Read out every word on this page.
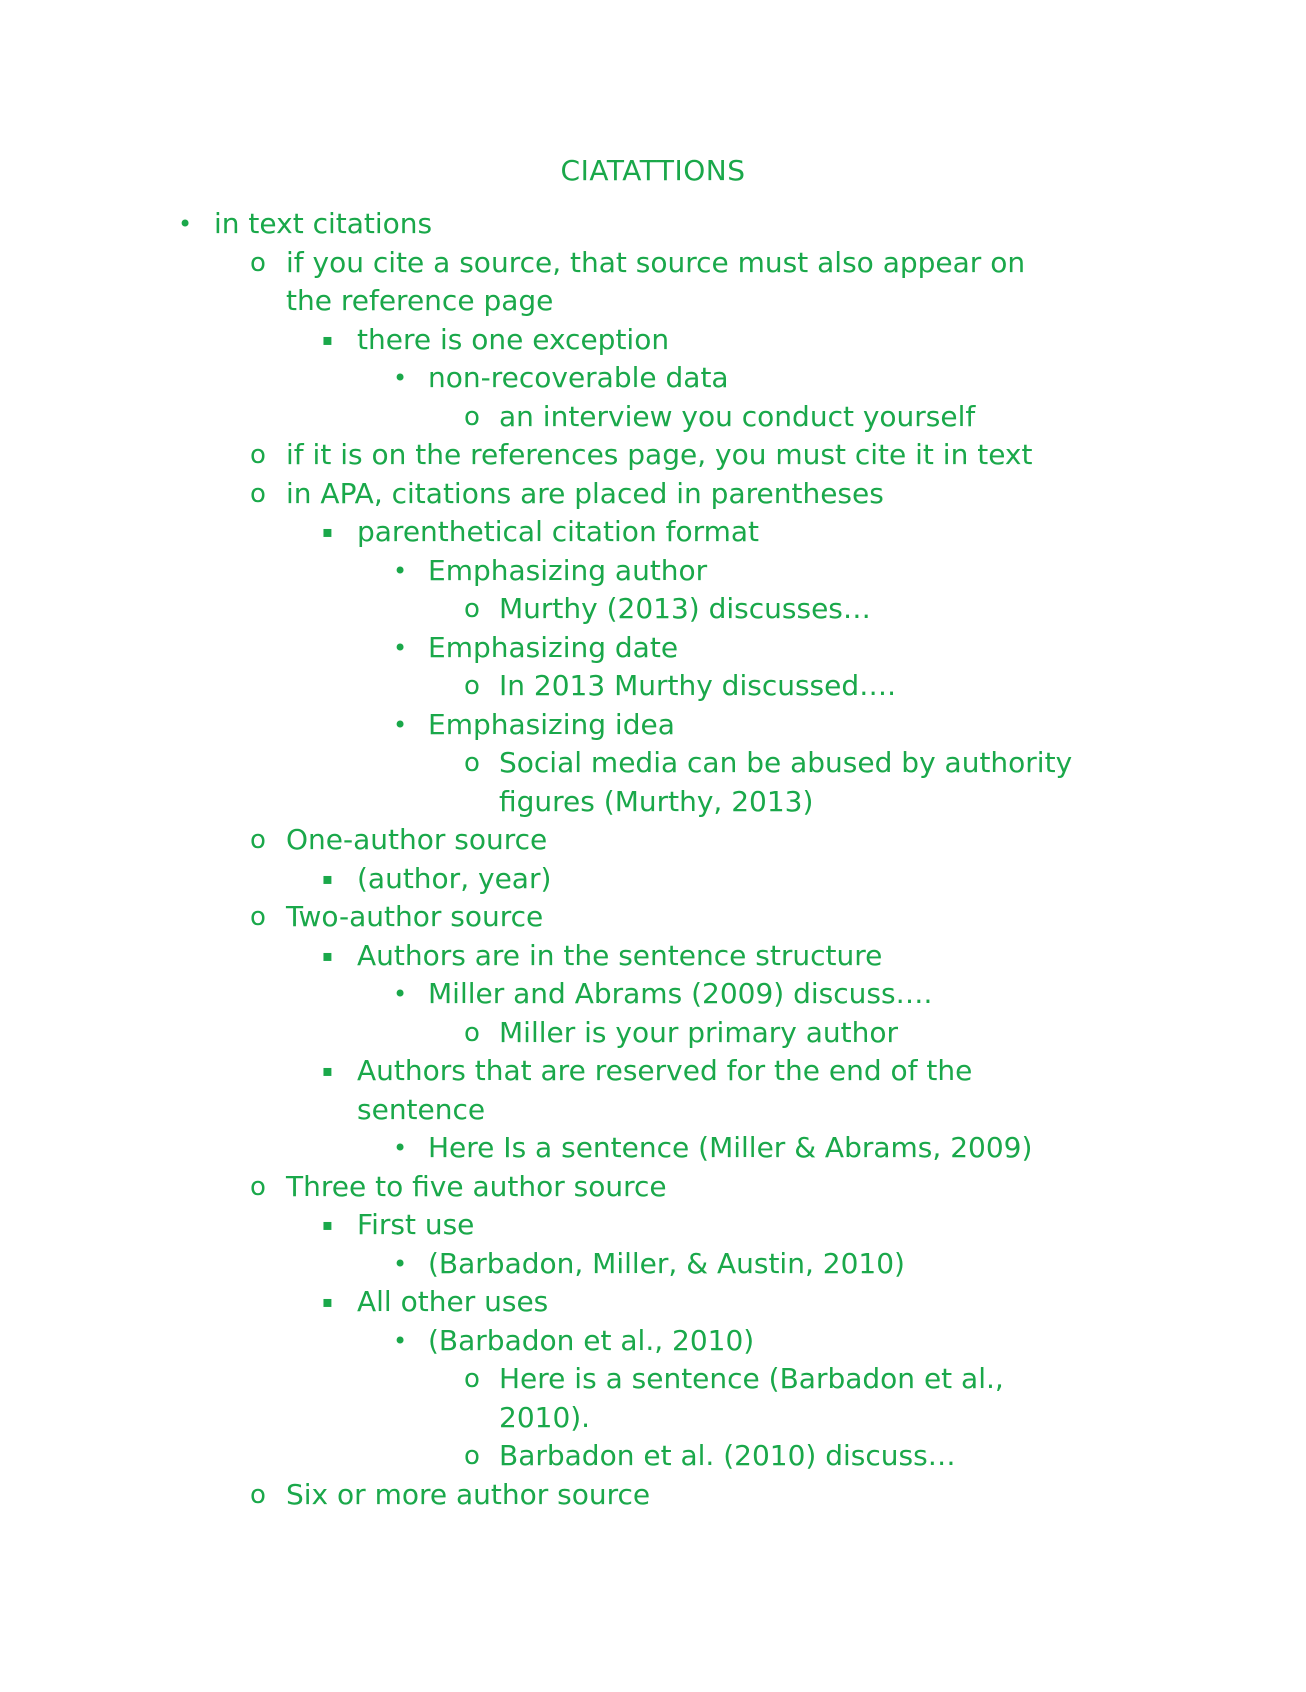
CIATATTIONS
• in text citations
o if you cite a source, that source must also appear on
the reference page
▪ there is one exception
• non-recoverable data
o an interview you conduct yourself
o if it is on the references page, you must cite it in text
o in APA, citations are placed in parentheses
▪ parenthetical citation format
• Emphasizing author
o Murthy (2013) discusses…
• Emphasizing date
o In 2013 Murthy discussed….
• Emphasizing idea
o Social media can be abused by authority
figures (Murthy, 2013)
o One-author source
▪ (author, year)
o Two-author source
▪ Authors are in the sentence structure
• Miller and Abrams (2009) discuss….
o Miller is your primary author
▪ Authors that are reserved for the end of the
sentence
• Here Is a sentence (Miller & Abrams, 2009)
o Three to five author source
▪ First use
• (Barbadon, Miller, & Austin, 2010)
▪ All other uses
• (Barbadon et al., 2010)
o Here is a sentence (Barbadon et al.,
2010).
o Barbadon et al. (2010) discuss…
o Six or more author source
